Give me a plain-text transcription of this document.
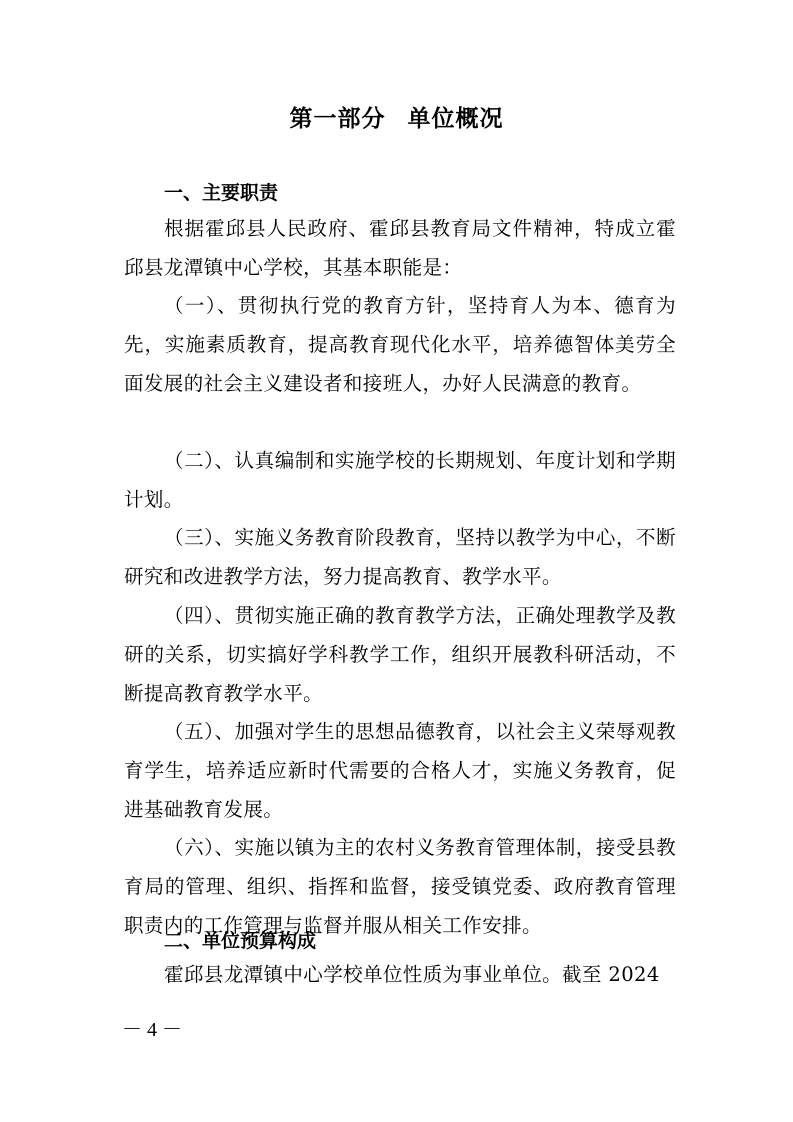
第一部分 单位概况
一、主要职责

根据霍邱县人民政府、霍邱县教育局文件精神，特成立霍邱县龙潭镇中心学校，其基本职能是：

（一）、贯彻执行党的教育方针，坚持育人为本、德育为先，实施素质教育，提高教育现代化水平，培养德智体美劳全面发展的社会主义建设者和接班人，办好人民满意的教育。

（二）、认真编制和实施学校的长期规划、年度计划和学期计划。

（三）、实施义务教育阶段教育，坚持以教学为中心，不断研究和改进教学方法，努力提高教育、教学水平。

（四）、贯彻实施正确的教育教学方法，正确处理教学及教研的关系，切实搞好学科教学工作，组织开展教科研活动，不断提高教育教学水平。

（五）、加强对学生的思想品德教育，以社会主义荣辱观教育学生，培养适应新时代需要的合格人才，实施义务教育，促进基础教育发展。

（六）、实施以镇为主的农村义务教育管理体制，接受县教育局的管理、组织、指挥和监督，接受镇党委、政府教育管理职责内的工作管理与监督并服从相关工作安排。

二、单位预算构成

霍邱县龙潭镇中心学校单位性质为事业单位。截至 2024

－ 4 －
